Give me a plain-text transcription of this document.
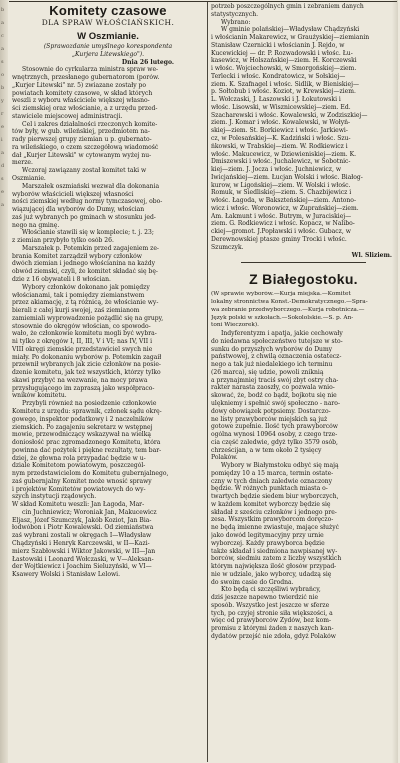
b
a
c
a
s
o
b
y
r
e
i
a
d
s
e
a
Komitety czasowe
DLA SPRAW WŁOŚCIAŃSKICH.
W Oszmianie.
(Sprawozdanie umyślnego korespondenta
„Kurjera Litewskiego").
Dnia 26 lutego.
Stosownie do cyrkularza ministra spraw we-
wnętrznych, przesłanego gubernatorom (porów.
„Kurjer Litewski" nr. 5) zwiazane zostały po
powiatach komitety czasowe, w skład których
weszli z wyboru właściciele większej własno-
ści ziemskiej oraz włościanie, a z urzędu przed-
stawiciele miejscowej administracji.
Cel i zakres działalności rzeczonych komite-
tów były, w gub. wileńskiej, przedmiotem na-
rady pierwszej grupy ziemian u p. gubernato-
ra wileńskiego, o czem szczegółową wiadomość
dał „Kurjer Litewski" w cytowanym wyżej nu-
merze.
Wczoraj zawiązany został komitet taki w
Oszmianie.
Marszałek oszmiański wezwał dla dokonania
wyborów właścicieli większej własności
ności ziemskiej według normy tymczasowej, obo-
wiązującej dla wyborów do Dumy, włościan
zaś już wybranych po gminach w stosunku jed-
nego na gminę.
Włościanie stawili się w komplecie; t. j. 23;
z ziemian przybyło tylko osób 26.
Marszałek p. Potemkin przed zagajeniem ze-
brania Komitet zarządził wybory członków
dwóch ziemian i jednego włościanina na każdy
obwód ziemski, czyli, że komitet składać się bę-
dzie z 16 obywateli i 8 włościan.
Wybory członków dokonano jak pomiędzy
włościanami, tak i pomiędzy ziemianstwem
przez akiamację, z tą różnicą, że włościanie wy-
bierali z całej kurji swojej, zaś ziemianom
zamiemiali wyprowadzenie pożądlić się na grupy,
stosownie do okręgów włościan, co spowodo-
wało, że członkowie komitetu mogli być wybra-
ni tylko z okręgów I, II, III, V i VI; nas IV, VII i
VIII okręgi ziemskie przedstawiciel swych nie
miały. Po dokonaniu wyborów p. Potemkin zagaił
przewnił wybranych jak zicie członków na posie-
dzenie komitetu, jak też wszystkich, którzy tylko
skawi przybyć na wezwanie, na mocy prawa
przysługującego im zapraszą jako współpraco-
wników komitetu.
Przybyli również na posiedzenie członkowie
Komitetu z urzędu: sprawnik, członek sądu okrę-
gowego, inspektor podatkowy i 2 naczelników
ziemskich. Po zagajeniu sekretarz w wstępnej
mowie, przewodniczący wskazywał na wielką
doniosłość prac zgromadzonego Komitetu, która
powinna dać pożytek i piękne rezultaty, tem bar-
dziej, że głowna rola przypadać będzie w u-
dziale Komitetom powiatowym, poszczegól-
nym przedstawicielom do Komitetu gubernjalnego,
zaś gubernjalny Komitet może wnosić sprawy
i projektów Komitetów powiatowych do wy-
szych instytucji rządowych.
W skład Komitetu weszli: Jan Łagoda, Mar-
cin Juchniewicz; Woroniak Jan, Makucewicz
Eljasz, Józef Szumczyk, Jakób Koziot, Jan Bia-
łodwóbon i Piotr Kowalewski. Od ziemiaństwa
zaś wybrani zostali w okręgach I—Władysław
Chądzyński i Henryk Karczewski, w II—Kazi-
mierz Szabłowski i Wiktor Jakowski, w III—Jan
Łastowski i Leonard Wołczaski, w V—Aleksan-
der Wojtkiewicz i Joachim Sieluzyński, w VI—
Ksawery Wolski i Stanisław Lelowi.
potrzeb poszczególnych gmin i zebraniem danych
statystycznych.
Wybrano:
W gminie polańskiej—Władysław Chądzyński
i włościanin Makarewicz, w Graużyskiej—ziemianin
Stanisław Czernicki i włościanin J. Rejdo, w
Kucewickiej — dr. P. Rozwadowski i włośc. Łu-
kasewicz, w Holszańskiej—ziem. H. Korczewski
i włośc. Wojciechowski, w Smorgońskiej—ziem.
Terlecki i włośc. Kondratowicz, w Sołskiej—
ziem. K. Szafnagel i włośc. Sidlik, w Bieniskiej—
p. Sołtobub i włośc. Koziot, w Krewskiej—ziem.
L. Wołczaski, J. Łaszowski i J. Łokutowski i
włośc. Lisowski, w Wisznicewskiej—ziem. Ed.
Szacharewski i włośc. Kowalewski, w Żodziszkiej—
ziem. J. Komar i włośc. Kowalewski, w Wołyń-
skiej—ziem. St. Borkiewicz i włośc. Jarkiewi-
cz, w Polesańskiej—K. Kadziński i włośc. Szu-
ńkowski, w Trabskiej—ziem. W. Rodkiewicz i
włośc. Makucewicz, w Dziewieniskiej—ziem. K.
Dmiszewski i włośc. Juchalewicz, w Sobotnic-
kiej—ziem. J. Jocza i włośc. Juchniewicz, w
Iwicjańskiej—ziem. Łucjan Wolski i włośc. Białog-
kurow, w Ligońskiej—ziem. W. Wolski i włośc.
Romuk, w Siedliskiej—ziem. S. Chazbijewicz i
włośc. Łagoda, w Bakszteńskiej—ziem. Antono-
wicz i włośc. Woronowicz, w Zuprańskiej—ziem.
Am. Łakmunt i włośc. Butrym, w Juraciskiej—
ziem. G. Rodkiewicz i włośc. Kopacz, w Nalibo-
ckiej—gromot. J.Popławski i włośc. Gubacz, w
Derewnowskiej ptasze gminy Trocki i włośc.
Szumczyk.
Wl. Sliziem.
Z Białegostoku.
(W sprawie wyborów.—Kurja miejska.—Komitet
lokalny stronnictwa Konst.-Demokratycznego.—Spra-
wa zebranie przedwyborczego.—Kurja robotnicza.—
Język polski w szkołach.—Sokololskie.—S. p. An-
toni Wieczorek).
Indyferentyzm i apatja, jakie cechowały
do niedawna społeczeństwo tutejsze w sto-
sunku do przyszłych wyborów do Dumy
państwowej, z chwilą oznaczenia ostatecz-
nego a tak już niedalekiego ich terminu
(26 marca), się udzie, powoli zniknią
a przynajmniej traciś swój zbyt ostry cha-
rakter narasta zaoszły, co pozwala wnio-
skować, że, bodź co bądź, bojkotu się nie
ulękniemy i spełnić swój społeczno - naro-
dowy obowiązek potpsiemy. Dostarczo-
ne listy prawyborców miejskich są już
gotowe zupełnie. Ilość tych prawyborców
ogólna wynosi 10964 osoby, z czego trze-
cia część zaledwie, gdyż tylko 3579 osób,
chrześcijan, a w tem około 2 tysięcy
Polaków.
Wybory w Białymstoku odbyć się mają
pomiędzy 10 a 15 marca, termin ostate-
czny w tych dniach zaledwie oznaczony
będzie. W różnych punktach miasta o-
twartych będzie siedem biur wyborczych,
w każdem komitet wyborczy będzie się
składał z sześciu członków i jednego pre-
zesa. Wszystkim prawyborcom doręczo-
ne będą imienne zwiastuje, mające służyć
jako dowód legitymacyjny przy urnie
wyborczej. Każdy prawyborca będzie
także składał i siedmiona nawpisanej wy-
borców, siedmiu zatem z liczby wszystkich
którym największa ilość głosów przypad-
nie w udziale, jako wyborcy, udadzą się
do swoim casie do Grodna.
Kto będą ci szczęśliwi wybrańcy,
dziś jeszcze napewno twierdzić nie
sposób. Wszystko jest jeszcze w sferze
tych, po czyjej stronie siła większości, a
więc od prawyborców Żydów, bez kom-
promisu z którymi żaden z naszych kan-
dydatów przejść nie zdoła, gdyż Polaków
